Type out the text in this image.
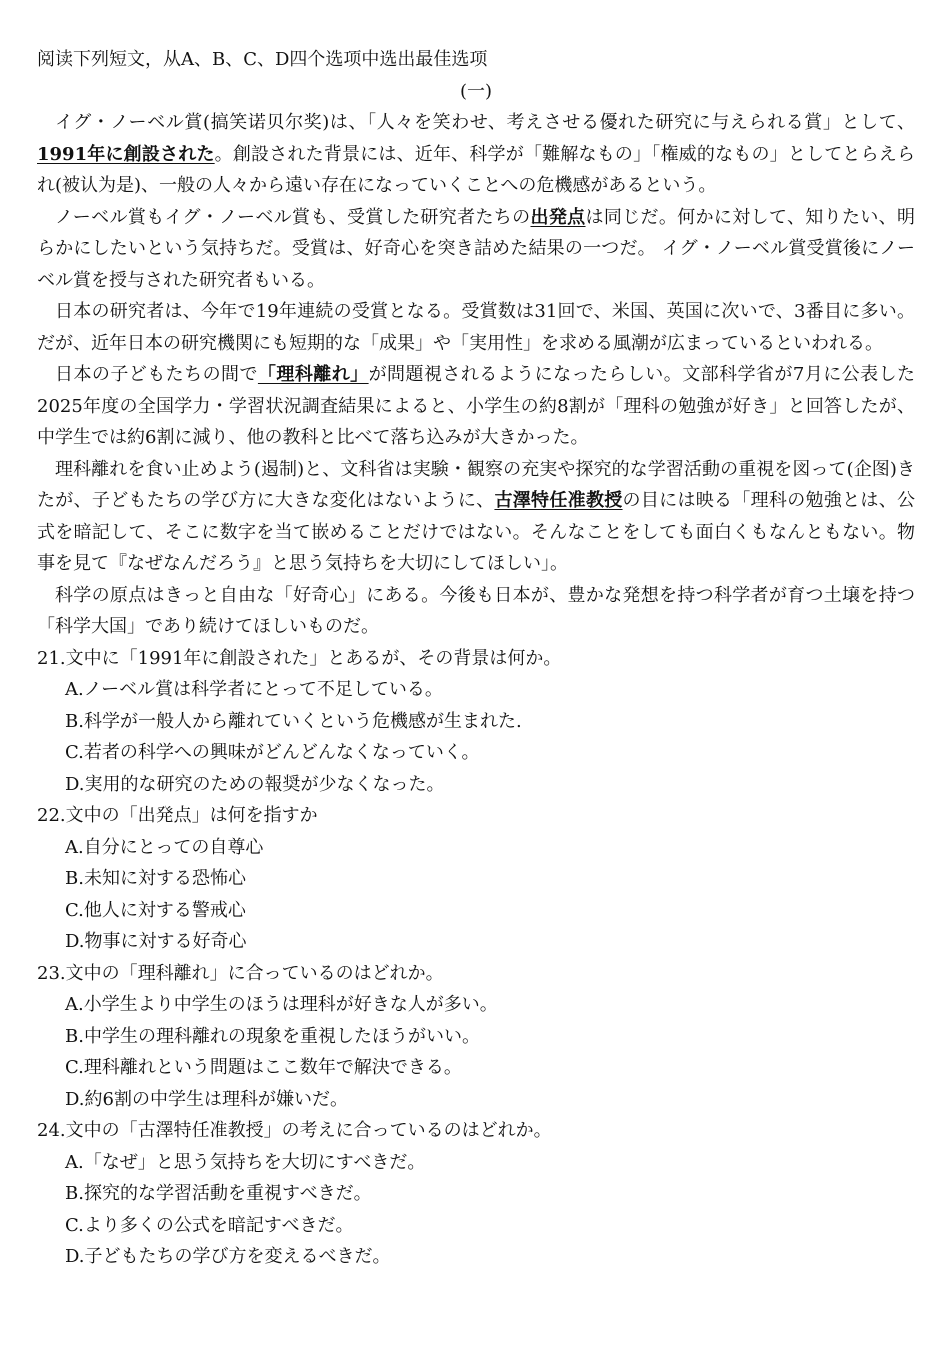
阅读下列短文，从A、B、C、D四个选项中选出最佳选项
(一)

イグ・ノーベル賞(搞笑诺贝尔奖)は、「人々を笑わせ、考えさせる優れた研究に与えられる賞」として、1991年に創設された。創設された背景には、近年、科学が「難解なもの」「権威的なもの」としてとらえられ(被认为是)、一般の人々から遠い存在になっていくことへの危機感があるという。

ノーベル賞もイグ・ノーベル賞も、受賞した研究者たちの出発点は同じだ。何かに対して、知りたい、明らかにしたいという気持ちだ。受賞は、好奇心を突き詰めた結果の一つだ。 イグ・ノーベル賞受賞後にノーベル賞を授与された研究者もいる。

日本の研究者は、今年で19年連続の受賞となる。受賞数は31回で、米国、英国に次いで、3番目に多い。 だが、近年日本の研究機関にも短期的な「成果」や「実用性」を求める風潮が広まっているといわれる。

日本の子どもたちの間で「理科離れ」が問題視されるようになったらしい。文部科学省が7月に公表した2025年度の全国学力・学習状況調査結果によると、小学生の約8割が「理科の勉強が好き」と回答したが、中学生では約6割に減り、他の教科と比べて落ち込みが大きかった。

理科離れを食い止めよう(遏制)と、文科省は実験・観察の充実や探究的な学習活動の重視を図って(企图)きたが、子どもたちの学び方に大きな変化はないように、古澤特任准教授の目には映る「理科の勉強とは、公式を暗記して、そこに数字を当て嵌めることだけではない。そんなことをしても面白くもなんともない。物事を見て『なぜなんだろう』と思う気持ちを大切にしてほしい」。

科学の原点はきっと自由な「好奇心」にある。今後も日本が、豊かな発想を持つ科学者が育つ土壌を持つ「科学大国」であり続けてほしいものだ。

21.文中に「1991年に創設された」とあるが、その背景は何か。

A.ノーベル賞は科学者にとって不足している。

B.科学が一般人から離れていくという危機感が生まれた.

C.若者の科学への興味がどんどんなくなっていく。

D.実用的な研究のための報奨が少なくなった。

22.文中の「出発点」は何を指すか

A.自分にとっての自尊心

B.未知に対する恐怖心

C.他人に対する警戒心

D.物事に対する好奇心

23.文中の「理科離れ」に合っているのはどれか。

A.小学生より中学生のほうは理科が好きな人が多い。

B.中学生の理科離れの現象を重視したほうがいい。

C.理科離れという問題はここ数年で解決できる。

D.約6割の中学生は理科が嫌いだ。

24.文中の「古澤特任准教授」の考えに合っているのはどれか。

A.「なぜ」と思う気持ちを大切にすべきだ。

B.探究的な学習活動を重視すべきだ。

C.より多くの公式を暗記すべきだ。

D.子どもたちの学び方を変えるべきだ。
